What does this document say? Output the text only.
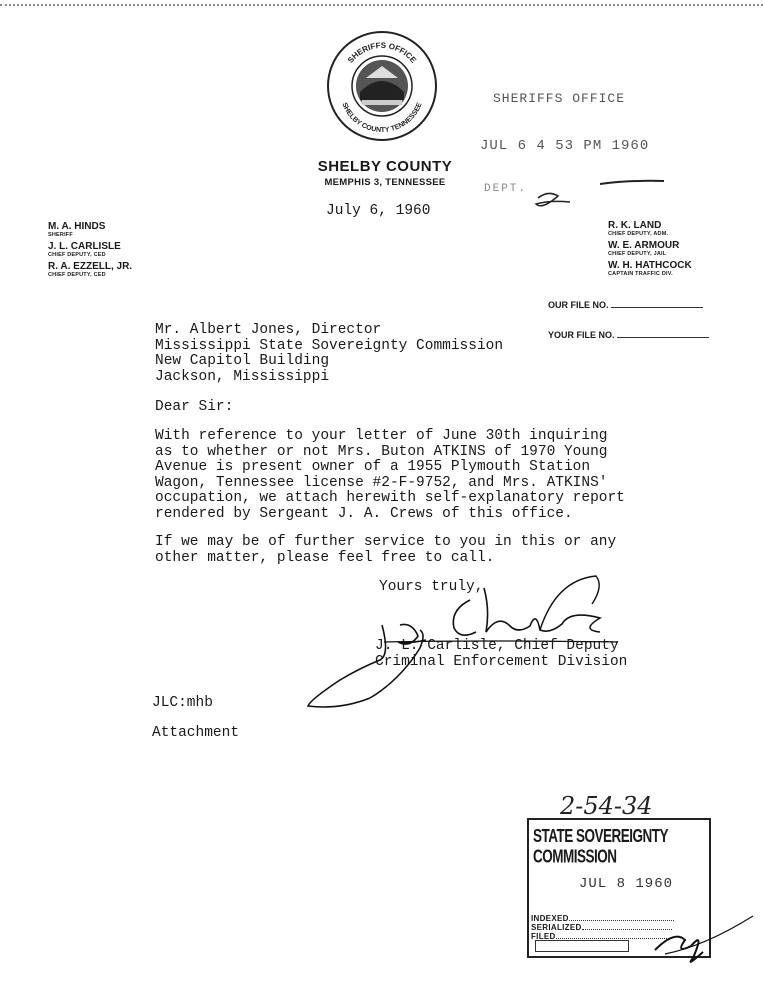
SHERIFFS OFFICE
SHELBY COUNTY TENNESSEE
SHELBY COUNTY
MEMPHIS 3, TENNESSEE
July 6, 1960
SHERIFFS OFFICE
JUL 6 4 53 PM 1960
DEPT.
M. A. HINDS
SHERIFF
J. L. CARLISLE
CHIEF DEPUTY, CED
R. A. EZZELL, JR.
CHIEF DEPUTY, CED
R. K. LAND
CHIEF DEPUTY, ADM.
W. E. ARMOUR
CHIEF DEPUTY, JAIL
W. H. HATHCOCK
CAPTAIN TRAFFIC DIV.
OUR FILE NO.
YOUR FILE NO.
Mr. Albert Jones, Director
Mississippi State Sovereignty Commission
New Capitol Building
Jackson, Mississippi
Dear Sir:
With reference to your letter of June 30th inquiring
as to whether or not Mrs. Buton ATKINS of 1970 Young
Avenue is present owner of a 1955 Plymouth Station
Wagon, Tennessee license #2-F-9752, and Mrs. ATKINS'
occupation, we attach herewith self-explanatory report
rendered by Sergeant J. A. Crews of this office.
If we may be of further service to you in this or any
other matter, please feel free to call.
Yours truly,
J. L. Carlisle, Chief Deputy
Criminal Enforcement Division
JLC:mhb
Attachment
2-54-34
STATE SOVEREIGNTY COMMISSION
JUL 8 1960
INDEXED
SERIALIZED
FILED
